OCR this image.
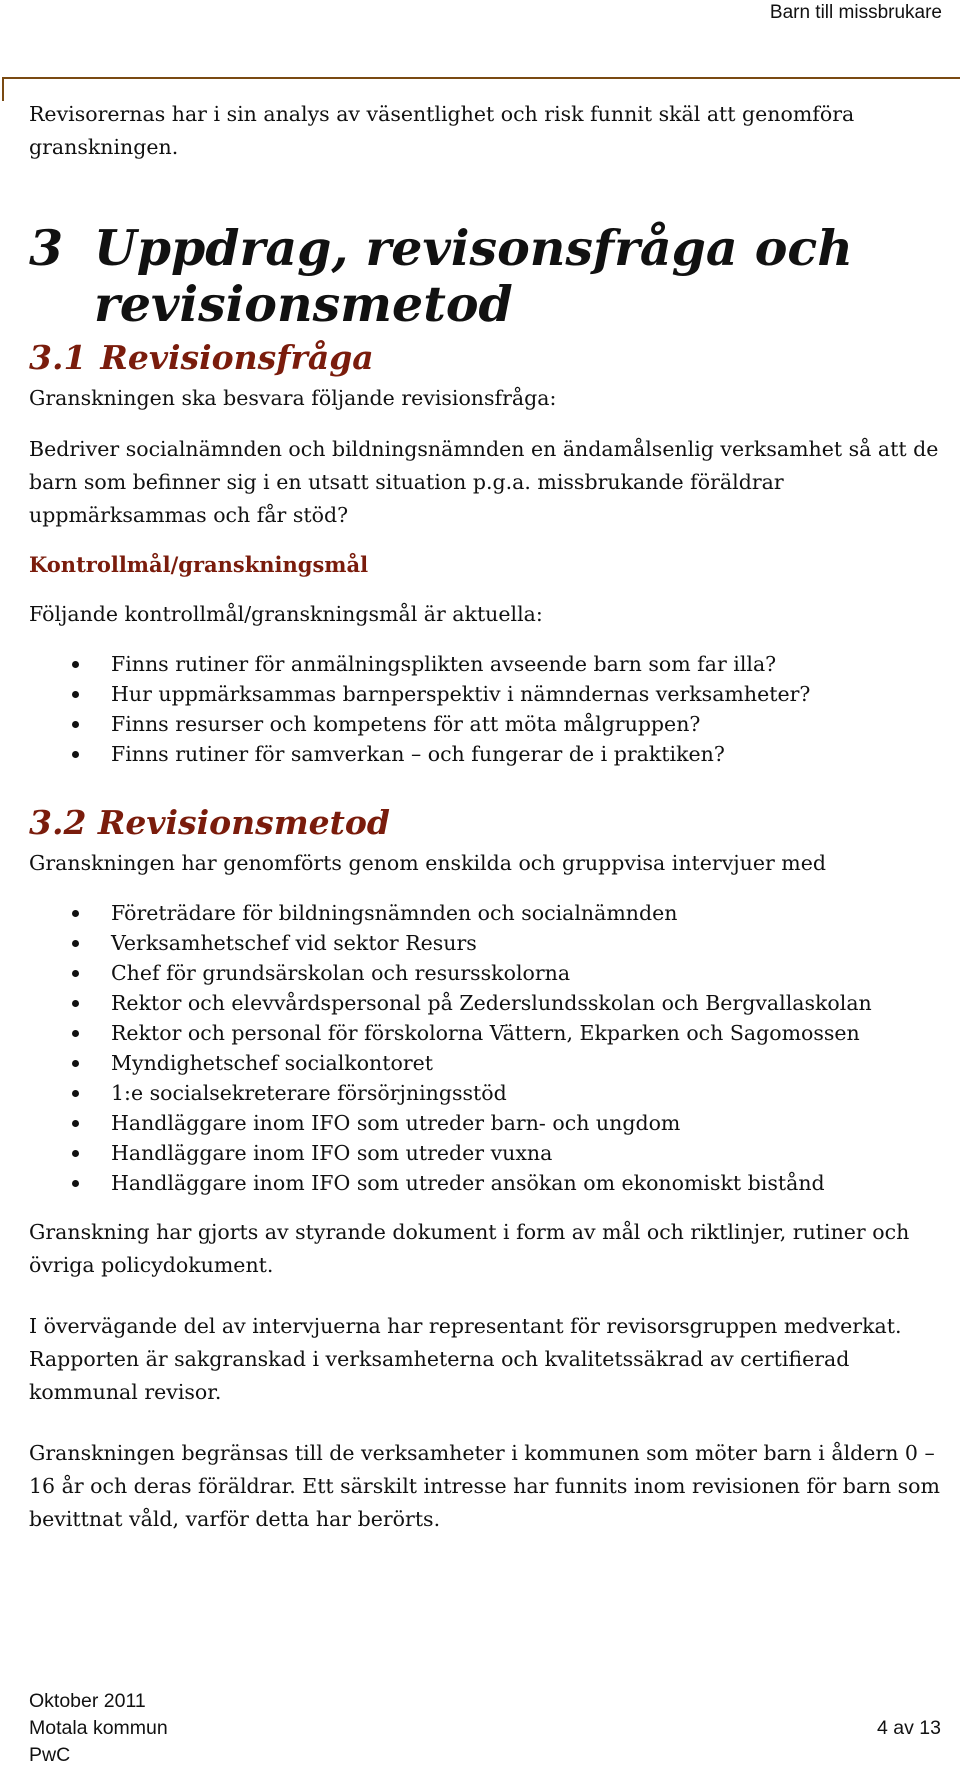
Barn till missbrukare

Revisorernas har i sin analys av väsentlighet och risk funnit skäl att genomföra granskningen.

3 Uppdrag, revisonsfråga och
revisionsmetod
3.1 Revisionsfråga

Granskningen ska besvara följande revisionsfråga:

Bedriver socialnämnden och bildningsnämnden en ändamålsenlig verksamhet så att de barn som befinner sig i en utsatt situation p.g.a. missbrukande föräldrar uppmärksammas och får stöd?

Kontrollmål/granskningsmål

Följande kontrollmål/granskningsmål är aktuella:

Finns rutiner för anmälningsplikten avseende barn som far illa?
Hur uppmärksammas barnperspektiv i nämndernas verksamheter?
Finns resurser och kompetens för att möta målgruppen?
Finns rutiner för samverkan – och fungerar de i praktiken?
3.2 Revisionsmetod

Granskningen har genomförts genom enskilda och gruppvisa intervjuer med

Företrädare för bildningsnämnden och socialnämnden
Verksamhetschef vid sektor Resurs
Chef för grundsärskolan och resursskolorna
Rektor och elevvårdspersonal på Zederslundsskolan och Bergvallaskolan
Rektor och personal för förskolorna Vättern, Ekparken och Sagomossen
Myndighetschef socialkontoret
1:e socialsekreterare försörjningsstöd
Handläggare inom IFO som utreder barn- och ungdom
Handläggare inom IFO som utreder vuxna
Handläggare inom IFO som utreder ansökan om ekonomiskt bistånd

Granskning har gjorts av styrande dokument i form av mål och riktlinjer, rutiner och övriga policydokument.

I övervägande del av intervjuerna har representant för revisorsgruppen medverkat. Rapporten är sakgranskad i verksamheterna och kvalitetssäkrad av certifierad kommunal revisor.

Granskningen begränsas till de verksamheter i kommunen som möter barn i åldern 0 – 16 år och deras föräldrar. Ett särskilt intresse har funnits inom revisionen för barn som bevittnat våld, varför detta har berörts.

Oktober 2011
Motala kommun	4 av 13
PwC
